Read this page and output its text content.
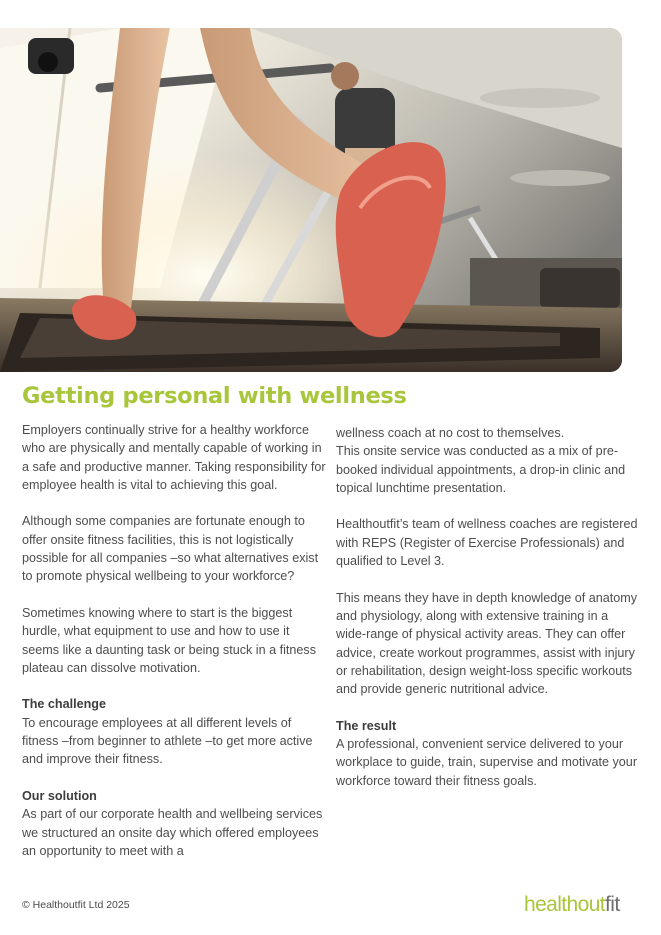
Getting personal with wellness

Employers continually strive for a healthy workforce who are physically and mentally capable of working in a safe and productive manner. Taking responsibility for employee health is vital to achieving this goal.

Although some companies are fortunate enough to offer onsite fitness facilities, this is not logistically possible for all companies –so what alternatives exist to promote physical wellbeing to your workforce?

Sometimes knowing where to start is the biggest hurdle, what equipment to use and how to use it seems like a daunting task or being stuck in a fitness plateau can dissolve motivation.

The challenge

To encourage employees at all different levels of fitness –from beginner to athlete –to get more active and improve their fitness.

Our solution

As part of our corporate health and wellbeing services we structured an onsite day which offered employees an opportunity to meet with a

wellness coach at no cost to themselves.

This onsite service was conducted as a mix of pre-booked individual appointments, a drop-in clinic and topical lunchtime presentation.

Healthoutfit’s team of wellness coaches are registered with REPS (Register of Exercise Professionals) and qualified to Level 3.

This means they have in depth knowledge of anatomy and physiology, along with extensive training in a wide-range of physical activity areas. They can offer advice, create workout programmes, assist with injury or rehabilitation, design weight-loss specific workouts and provide generic nutritional advice.

The result

A professional, convenient service delivered to your workplace to guide, train, supervise and motivate your workforce toward their fitness goals.

© Healthoutfit Ltd 2025	healthoutfit
